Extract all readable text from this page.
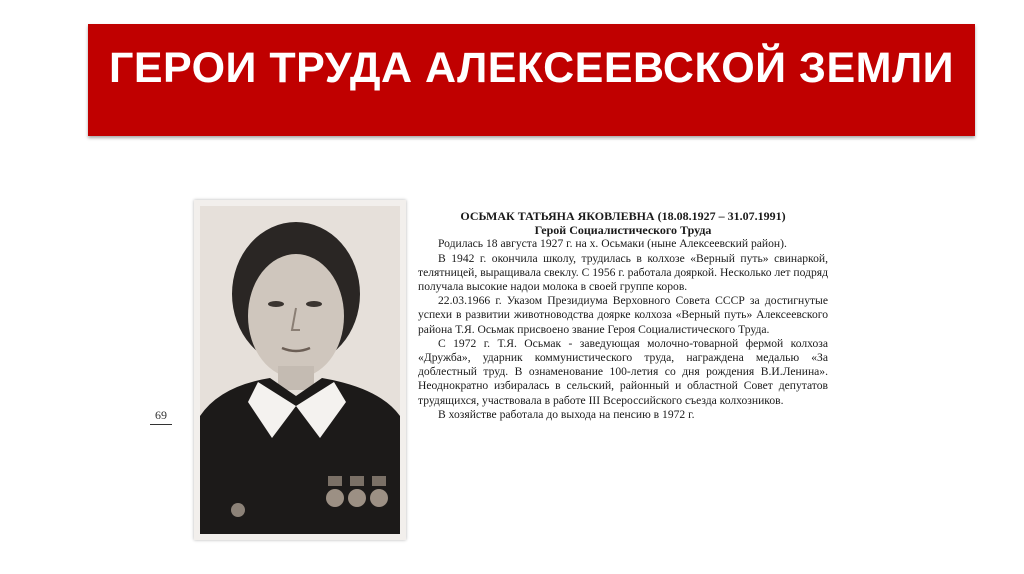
ГЕРОИ ТРУДА АЛЕКСЕЕВСКОЙ ЗЕМЛИ
69
ОСЬМАК ТАТЬЯНА ЯКОВЛЕВНА (18.08.1927 – 31.07.1991)
Герой Социалистического Труда

Родилась 18 августа 1927 г. на х. Осьмаки (ныне Алексеевский район).

В 1942 г. окончила школу, трудилась в колхозе «Верный путь» свинаркой, телятницей, выращивала свеклу. С 1956 г. работала дояркой. Несколько лет подряд получала высокие надои молока в своей группе коров.

22.03.1966 г. Указом Президиума Верховного Совета СССР за достигнутые успехи в развитии животноводства доярке колхоза «Верный путь» Алексеевского района Т.Я. Осьмак присвоено звание Героя Социалистического Труда.

С 1972 г. Т.Я. Осьмак - заведующая молочно-товарной фермой колхоза «Дружба», ударник коммунистического труда, награждена медалью «За доблестный труд. В ознаменование 100-летия со дня рождения В.И.Ленина». Неоднократно избиралась в сельский, районный и областной Совет депутатов трудящихся, участвовала в работе III Всероссийского съезда колхозников.

В хозяйстве работала до выхода на пенсию в 1972 г.
